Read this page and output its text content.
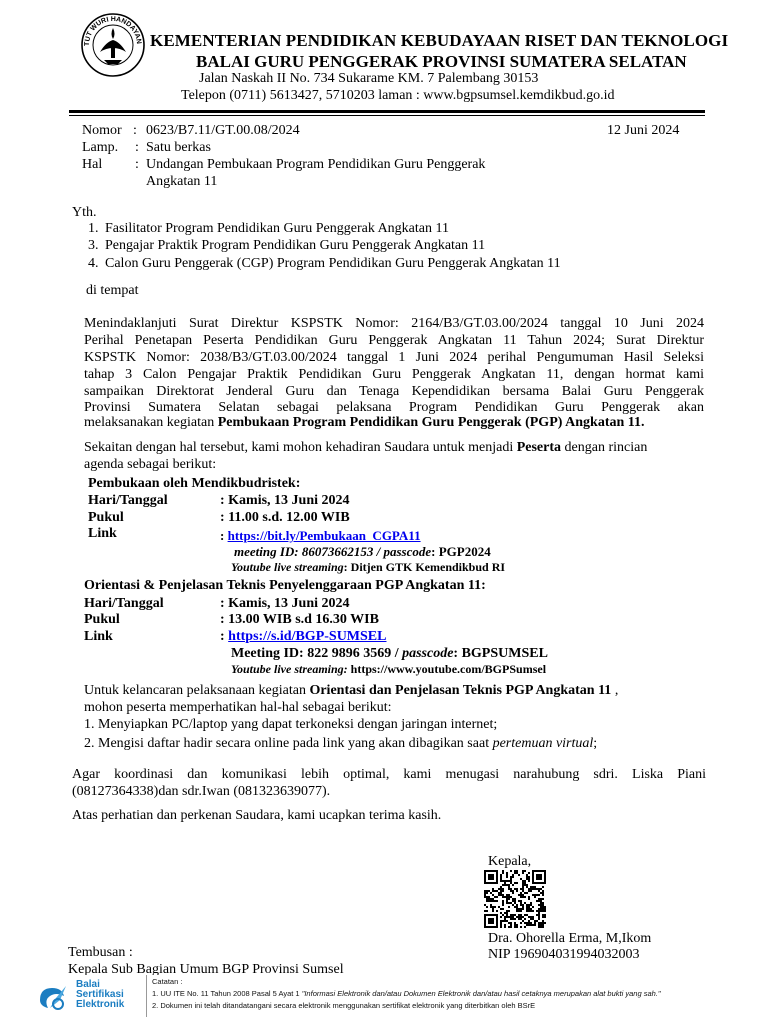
TUT WURI HANDAYAN KEMENTERIAN PENDIDIKAN KEBUDAYAAN RISET DAN TEKNOLOGI
BALAI GURU PENGGERAK PROVINSI SUMATERA SELATAN
Jalan Naskah II No. 734 Sukarame KM. 7 Palembang 30153
Telepon (0711) 5613427, 5710203 laman : www.bgpsumsel.kemdikbud.go.id
Nomor : 0623/B7.11/GT.00.08/2024	12 Juni 2024
Lamp. : Satu berkas
Hal : Undangan Pembukaan Program Pendidikan Guru Penggerak
Angkatan 11
Yth.
1. Fasilitator Program Pendidikan Guru Penggerak Angkatan 11
3. Pengajar Praktik Program Pendidikan Guru Penggerak Angkatan 11
4. Calon Guru Penggerak (CGP) Program Pendidikan Guru Penggerak Angkatan 11
di tempat
Menindaklanjuti Surat Direktur KSPSTK Nomor: 2164/B3/GT.03.00/2024 tanggal 10 Juni 2024
Perihal Penetapan Peserta Pendidikan Guru Penggerak Angkatan 11 Tahun 2024; Surat Direktur
KSPSTK Nomor: 2038/B3/GT.03.00/2024 tanggal 1 Juni 2024 perihal Pengumuman Hasil Seleksi
tahap 3 Calon Pengajar Praktik Pendidikan Guru Penggerak Angkatan 11, dengan hormat kami
sampaikan Direktorat Jenderal Guru dan Tenaga Kependidikan bersama Balai Guru Penggerak
Provinsi Sumatera Selatan sebagai pelaksana Program Pendidikan Guru Penggerak akan
melaksanakan kegiatan Pembukaan Program Pendidikan Guru Penggerak (PGP) Angkatan 11.
Sekaitan dengan hal tersebut, kami mohon kehadiran Saudara untuk menjadi Peserta dengan rincian
agenda sebagai berikut:
Pembukaan oleh Mendikbudristek:
Hari/Tanggal	: Kamis, 13 Juni 2024
Pukul	: 11.00 s.d. 12.00 WIB
Link	: https://bit.ly/Pembukaan_CGPA11
meeting ID: 86073662153 / passcode: PGP2024
Youtube live streaming: Ditjen GTK Kemendikbud RI
Orientasi & Penjelasan Teknis Penyelenggaraan PGP Angkatan 11:
Hari/Tanggal	: Kamis, 13 Juni 2024
Pukul	: 13.00 WIB s.d 16.30 WIB
Link	: https://s.id/BGP-SUMSEL
Meeting ID: 822 9896 3569 / passcode: BGPSUMSEL
Youtube live streaming: https://www.youtube.com/BGPSumsel
Untuk kelancaran pelaksanaan kegiatan Orientasi dan Penjelasan Teknis PGP Angkatan 11 ,
mohon peserta memperhatikan hal-hal sebagai berikut:
1. Menyiapkan PC/laptop yang dapat terkoneksi dengan jaringan internet;
2. Mengisi daftar hadir secara online pada link yang akan dibagikan saat pertemuan virtual;
Agar koordinasi dan komunikasi lebih optimal, kami menugasi narahubung sdri. Liska Piani
(08127364338)dan sdr.Iwan (081323639077).
Atas perhatian dan perkenan Saudara, kami ucapkan terima kasih.
Kepala,
Dra. Ohorella Erma, M,Ikom
NIP 196904031994032003
Tembusan :
Kepala Sub Bagian Umum BGP Provinsi Sumsel
Balai
Sertifikasi
Elektronik
Catatan :
1. UU ITE No. 11 Tahun 2008 Pasal 5 Ayat 1 "Informasi Elektronik dan/atau Dokumen Elektronik dan/atau hasil cetaknya merupakan alat bukti yang sah."
2. Dokumen ini telah ditandatangani secara elektronik menggunakan sertifikat elektronik yang diterbitkan oleh BSrE
